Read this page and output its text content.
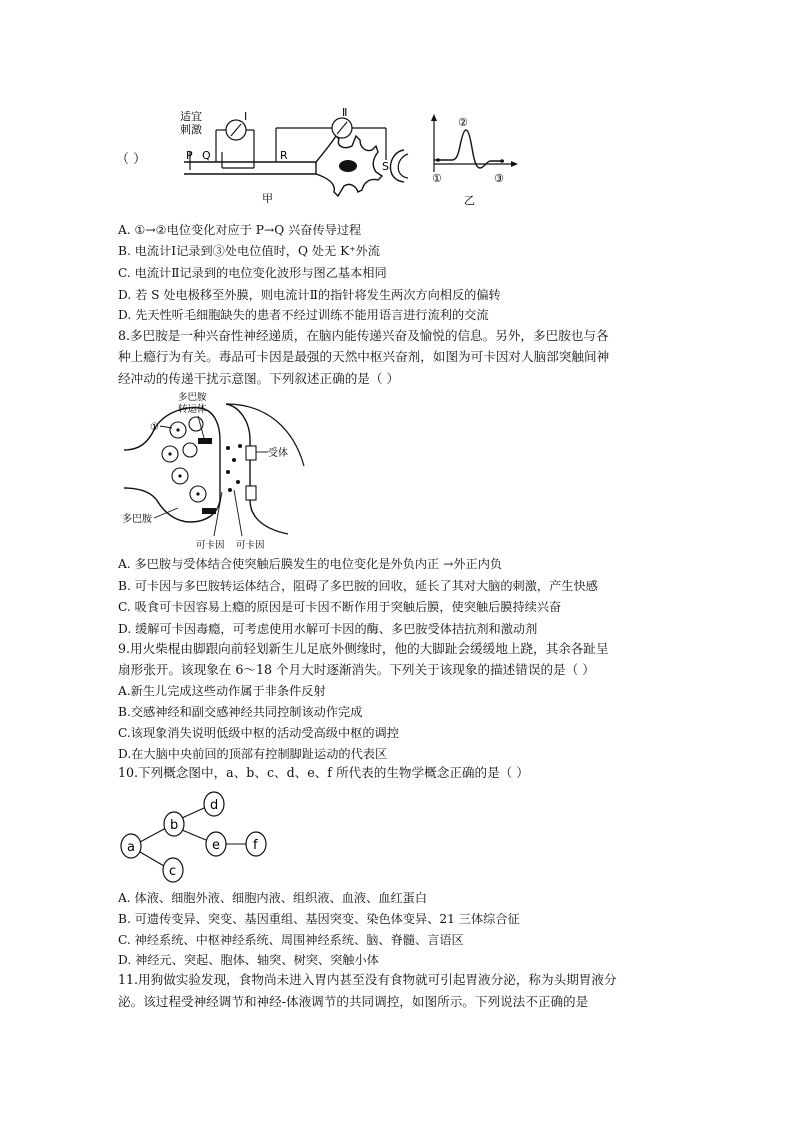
（ ）
适宜
刺激
P Q
Ⅰ
R
Ⅱ
S
甲
②
①	③
乙
A. ①→②电位变化对应于 P→Q 兴奋传导过程
B. 电流计Ⅰ记录到③处电位值时，Q 处无 K⁺外流
C. 电流计Ⅱ记录到的电位变化波形与图乙基本相同
D. 若 S 处电极移至外膜，则电流计Ⅱ的指针将发生两次方向相反的偏转
D. 先天性听毛细胞缺失的患者不经过训练不能用语言进行流利的交流
8.多巴胺是一种兴奋性神经递质，在脑内能传递兴奋及愉悦的信息。另外，多巴胺也与各
种上瘾行为有关。毒品可卡因是最强的天然中枢兴奋剂，如图为可卡因对人脑部突触间神
经冲动的传递干扰示意图。下列叙述正确的是（ ）
多巴胺
转运体
①
受体
多巴胺
可卡因 可卡因
A. 多巴胺与受体结合使突触后膜发生的电位变化是外负内正 →外正内负
B. 可卡因与多巴胺转运体结合，阻碍了多巴胺的回收，延长了其对大脑的刺激，产生快感
C. 吸食可卡因容易上瘾的原因是可卡因不断作用于突触后膜，使突触后膜持续兴奋
D. 缓解可卡因毒瘾，可考虑使用水解可卡因的酶、多巴胺受体拮抗剂和激动剂
9.用火柴棍由脚跟向前轻划新生儿足底外侧缘时，他的大脚趾会缓缓地上跷，其余各趾呈
扇形张开。该现象在 6～18 个月大时逐渐消失。下列关于该现象的描述错误的是（ ）
A.新生儿完成这些动作属于非条件反射
B.交感神经和副交感神经共同控制该动作完成
C.该现象消失说明低级中枢的活动受高级中枢的调控
D.在大脑中央前回的顶部有控制脚趾运动的代表区
10.下列概念图中，a、b、c、d、e、f 所代表的生物学概念正确的是（ ）
a
b
c
d
e	f
A. 体液、细胞外液、细胞内液、组织液、血液、血红蛋白
B. 可遗传变异、突变、基因重组、基因突变、染色体变异、21 三体综合征
C. 神经系统、中枢神经系统、周围神经系统、脑、脊髓、言语区
D. 神经元、突起、胞体、轴突、树突、突触小体
11.用狗做实验发现，食物尚未进入胃内甚至没有食物就可引起胃液分泌，称为头期胃液分
泌。该过程受神经调节和神经-体液调节的共同调控，如图所示。下列说法不正确的是
